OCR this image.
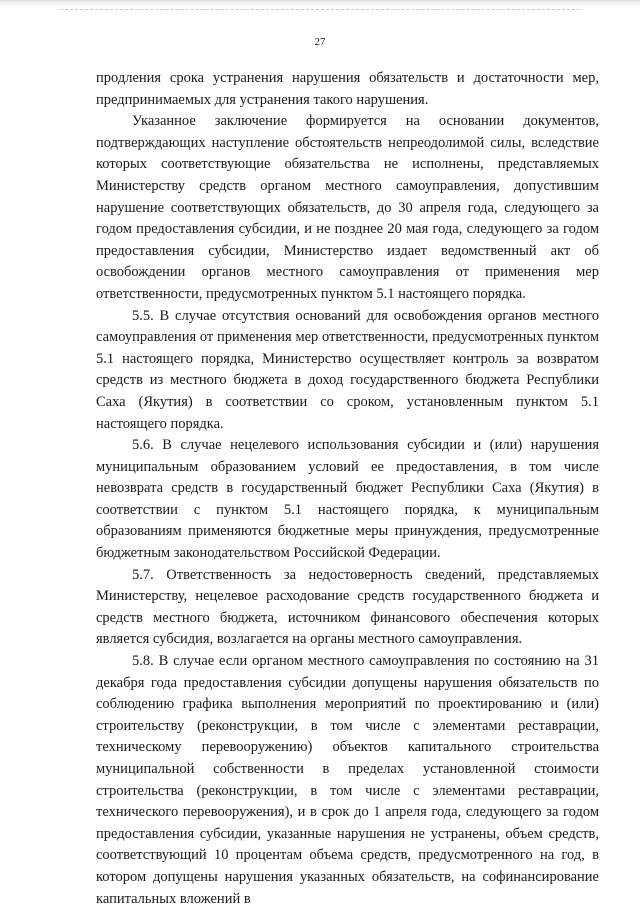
27

продления срока устранения нарушения обязательств и достаточности мер, предпринимаемых для устранения такого нарушения.

Указанное заключение формируется на основании документов, подтверждающих наступление обстоятельств непреодолимой силы, вследствие которых соответствующие обязательства не исполнены, представляемых Министерству средств органом местного самоуправления, допустившим нарушение соответствующих обязательств, до 30 апреля года, следующего за годом предоставления субсидии, и не позднее 20 мая года, следующего за годом предоставления субсидии, Министерство издает ведомственный акт об освобождении органов местного самоуправления от применения мер ответственности, предусмотренных пунктом 5.1 настоящего порядка.

5.5. В случае отсутствия оснований для освобождения органов местного самоуправления от применения мер ответственности, предусмотренных пунктом 5.1 настоящего порядка, Министерство осуществляет контроль за возвратом средств из местного бюджета в доход государственного бюджета Республики Саха (Якутия) в соответствии со сроком, установленным пунктом 5.1 настоящего порядка.

5.6. В случае нецелевого использования субсидии и (или) нарушения муниципальным образованием условий ее предоставления, в том числе невозврата средств в государственный бюджет Республики Саха (Якутия) в соответствии с пунктом 5.1 настоящего порядка, к муниципальным образованиям применяются бюджетные меры принуждения, предусмотренные бюджетным законодательством Российской Федерации.

5.7. Ответственность за недостоверность сведений, представляемых Министерству, нецелевое расходование средств государственного бюджета и средств местного бюджета, источником финансового обеспечения которых является субсидия, возлагается на органы местного самоуправления.

5.8. В случае если органом местного самоуправления по состоянию на 31 декабря года предоставления субсидии допущены нарушения обязательств по соблюдению графика выполнения мероприятий по проектированию и (или) строительству (реконструкции, в том числе с элементами реставрации, техническому перевооружению) объектов капитального строительства муниципальной собственности в пределах установленной стоимости строительства (реконструкции, в том числе с элементами реставрации, технического перевооружения), и в срок до 1 апреля года, следующего за годом предоставления субсидии, указанные нарушения не устранены, объем средств, соответствующий 10 процентам объема средств, предусмотренного на год, в котором допущены нарушения указанных обязательств, на софинансирование капитальных вложений в
